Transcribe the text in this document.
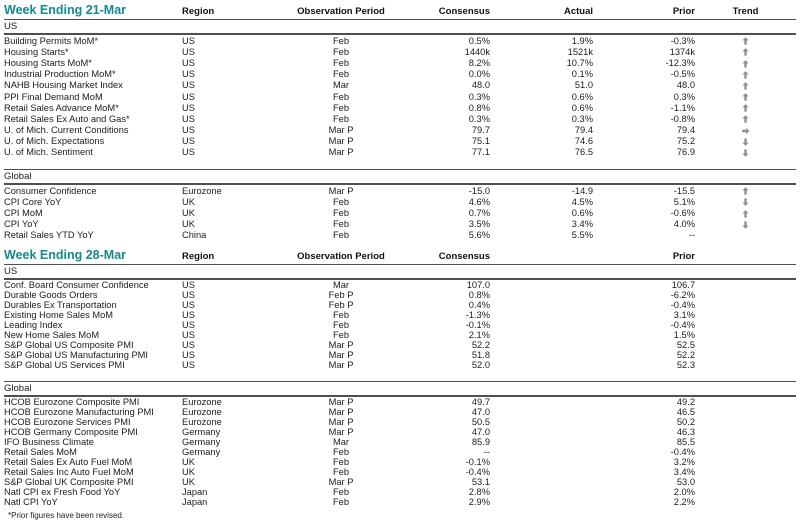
Week Ending 21-Mar	Region	Observation Period	Consensus	Actual	Prior	Trend
US						
Building Permits MoM*	US	Feb	0.5%	1.9%	-0.3%	
Housing Starts*	US	Feb	1440k	1521k	1374k	
Housing Starts MoM*	US	Feb	8.2%	10.7%	-12.3%	
Industrial Production MoM*	US	Feb	0.0%	0.1%	-0.5%	
NAHB Housing Market Index	US	Mar	48.0	51.0	48.0	
PPI Final Demand MoM	US	Feb	0.3%	0.6%	0.3%	
Retail Sales Advance MoM*	US	Feb	0.8%	0.6%	-1.1%	
Retail Sales Ex Auto and Gas*	US	Feb	0.3%	0.3%	-0.8%	
U. of Mich. Current Conditions	US	Mar P	79.7	79.4	79.4	
U. of Mich. Expectations	US	Mar P	75.1	74.6	75.2	
U. of Mich. Sentiment	US	Mar P	77.1	76.5	76.9	

Global						
Consumer Confidence	Eurozone	Mar P	-15.0	-14.9	-15.5	
CPI Core YoY	UK	Feb	4.6%	4.5%	5.1%	
CPI MoM	UK	Feb	0.7%	0.6%	-0.6%	
CPI YoY	UK	Feb	3.5%	3.4%	4.0%	
Retail Sales YTD YoY	China	Feb	5.6%	5.5%	--	
Week Ending 28-Mar	Region	Observation Period	Consensus		Prior	
US						
Conf. Board Consumer Confidence	US	Mar	107.0		106.7	
Durable Goods Orders	US	Feb P	0.8%		-6.2%	
Durables Ex Transportation	US	Feb P	0.4%		-0.4%	
Existing Home Sales MoM	US	Feb	-1.3%		3.1%	
Leading Index	US	Feb	-0.1%		-0.4%	
New Home Sales MoM	US	Feb	2.1%		1.5%	
S&P Global US Composite PMI	US	Mar P	52.2		52.5	
S&P Global US Manufacturing PMI	US	Mar P	51.8		52.2	
S&P Global US Services PMI	US	Mar P	52.0		52.3	

Global						
HCOB Eurozone Composite PMI	Eurozone	Mar P	49.7		49.2	
HCOB Eurozone Manufacturing PMI	Eurozone	Mar P	47.0		46.5	
HCOB Eurozone Services PMI	Eurozone	Mar P	50.5		50.2	
HCOB Germany Composite PMI	Germany	Mar P	47.0		46.3	
IFO Business Climate	Germany	Mar	85.9		85.5	
Retail Sales MoM	Germany	Feb	--		-0.4%	
Retail Sales Ex Auto Fuel MoM	UK	Feb	-0.1%		3.2%	
Retail Sales Inc Auto Fuel MoM	UK	Feb	-0.4%		3.4%	
S&P Global UK Composite PMI	UK	Mar P	53.1		53.0	
Natl CPI ex Fresh Food YoY	Japan	Feb	2.8%		2.0%	
Natl CPI YoY	Japan	Feb	2.9%		2.2%	
*Prior figures have been revised.
